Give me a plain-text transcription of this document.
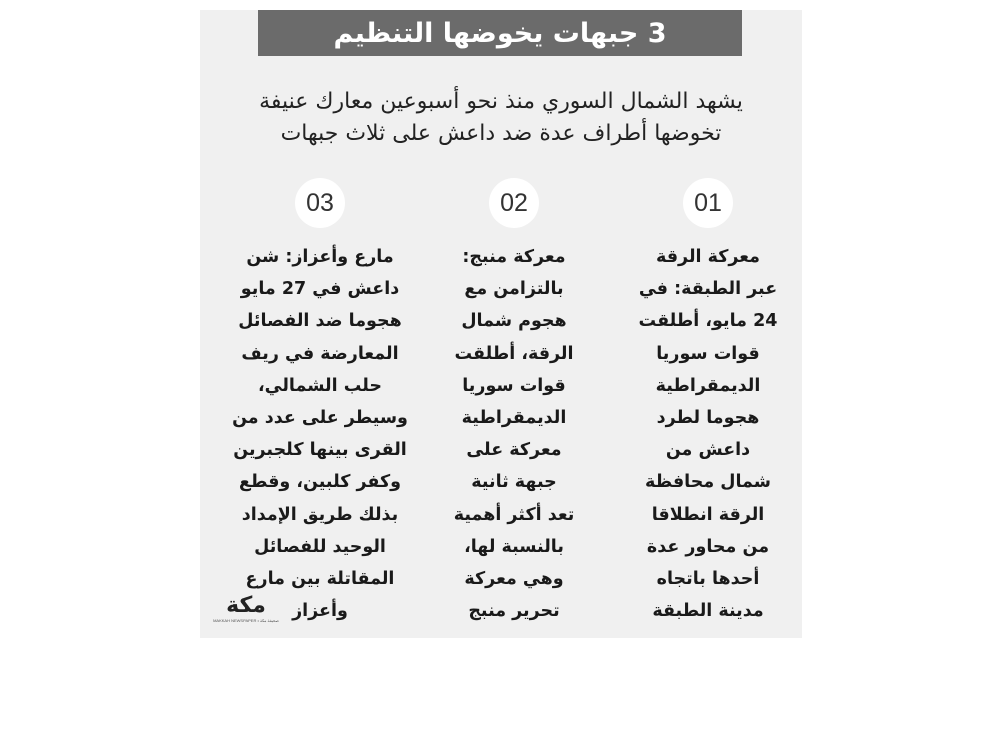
3 جبهات يخوضها التنظيم
يشهد الشمال السوري منذ نحو أسبوعين معارك عنيفة
تخوضها أطراف عدة ضد داعش على ثلاث جبهات
01
معركة الرقة
عبر الطبقة: في
24 مايو، أطلقت
قوات سوريا
الديمقراطية
هجوما لطرد
داعش من
شمال محافظة
الرقة انطلاقا
من محاور عدة
أحدها باتجاه
مدينة الطبقة
02
معركة منبج:
بالتزامن مع
هجوم شمال
الرقة، أطلقت
قوات سوريا
الديمقراطية
معركة على
جبهة ثانية
تعد أكثر أهمية
بالنسبة لها،
وهي معركة
تحرير منبج
03
مارع وأعزاز: شن
داعش في 27 مايو
هجوما ضد الفصائل
المعارضة في ريف
حلب الشمالي،
وسيطر على عدد من
القرى بينها كلجبرين
وكفر كلبين، وقطع
بذلك طريق الإمداد
الوحيد للفصائل
المقاتلة بين مارع
وأعزاز
مكة
MAKKAH NEWSPAPER • صحيفة مكة
